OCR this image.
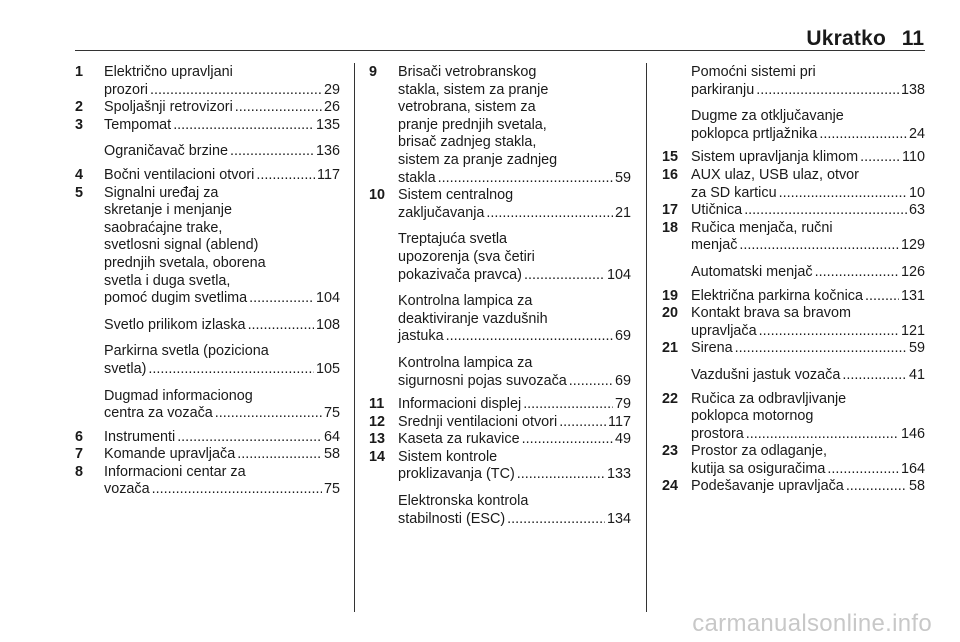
Ukratko 11
1 Električno upravljani
prozori .....	29
2 Spoljašnji retrovizori .....	26
3 Tempomat .....	135
Ograničavač brzine .....	136
4 Bočni ventilacioni otvori .....	117
5 Signalni uređaj za
skretanje i menjanje
saobraćajne trake,
svetlosni signal (ablend)
prednjih svetala, oborena
svetla i duga svetla,
pomoć dugim svetlima .....	104
Svetlo prilikom izlaska .....	108
Parkirna svetla (poziciona
svetla) .....	105
Dugmad informacionog
centra za vozača .....	75
6 Instrumenti .....	64
7 Komande upravljača .....	58
8 Informacioni centar za
vozača .....	75
9 Brisači vetrobranskog
stakla, sistem za pranje
vetrobrana, sistem za
pranje prednjih svetala,
brisač zadnjeg stakla,
sistem za pranje zadnjeg
stakla .....	59
10 Sistem centralnog
zaključavanja .....	21
Treptajuća svetla
upozorenja (sva četiri
pokazivača pravca) .....	104
Kontrolna lampica za
deaktiviranje vazdušnih
jastuka .....	69
Kontrolna lampica za
sigurnosni pojas suvozača .....	69
11 Informacioni displej .....	79
12 Srednji ventilacioni otvori .....	117
13 Kaseta za rukavice .....	49
14 Sistem kontrole
proklizavanja (TC) .....	133
Elektronska kontrola
stabilnosti (ESC) .....	134
Pomoćni sistemi pri
parkiranju .....	138
Dugme za otključavanje
poklopca prtljažnika .....	24
15 Sistem upravljanja klimom .....	110
16 AUX ulaz, USB ulaz, otvor
za SD karticu .....	10
17 Utičnica .....	63
18 Ručica menjača, ručni
menjač .....	129
Automatski menjač .....	126
19 Električna parkirna kočnica .....	131
20 Kontakt brava sa bravom
upravljača .....	121
21 Sirena .....	59
Vazdušni jastuk vozača .....	41
22 Ručica za odbravljivanje
poklopca motornog
prostora .....	146
23 Prostor za odlaganje,
kutija sa osiguračima .....	164
24 Podešavanje upravljača .....	58
carmanualsonline.info
